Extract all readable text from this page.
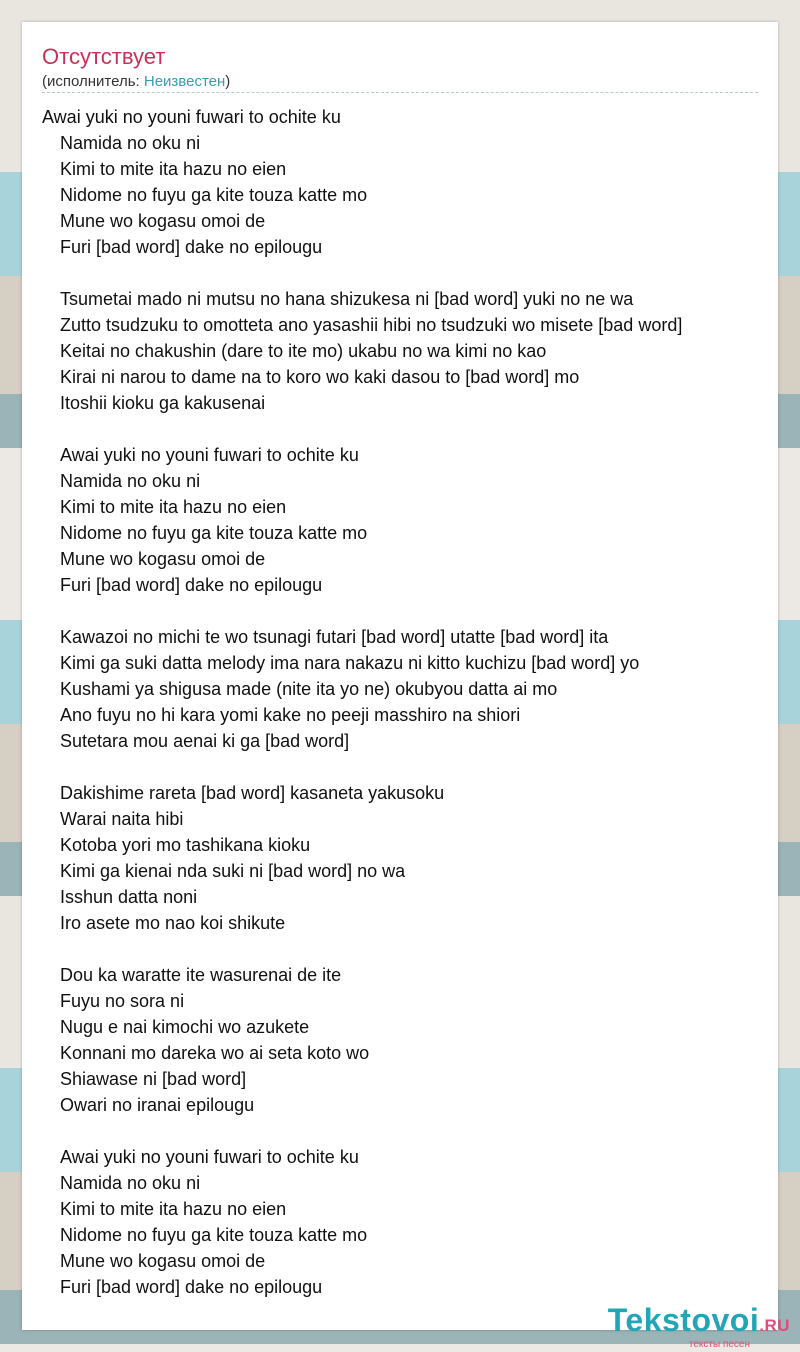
Отсутствует
(исполнитель: Неизвестен)
Awai yuki no youni fuwari to ochite ku
Namida no oku ni
Kimi to mite ita hazu no eien
Nidome no fuyu ga kite touza katte mo
Mune wo kogasu omoi de
Furi [bad word] dake no epilougu
Tsumetai mado ni mutsu no hana shizukesa ni [bad word] yuki no ne wa
Zutto tsudzuku to omotteta ano yasashii hibi no tsudzuki wo misete [bad word]
Keitai no chakushin (dare to ite mo) ukabu no wa kimi no kao
Kirai ni narou to dame na to koro wo kaki dasou to [bad word] mo
Itoshii kioku ga kakusenai
Awai yuki no youni fuwari to ochite ku
Namida no oku ni
Kimi to mite ita hazu no eien
Nidome no fuyu ga kite touza katte mo
Mune wo kogasu omoi de
Furi [bad word] dake no epilougu
Kawazoi no michi te wo tsunagi futari [bad word] utatte [bad word] ita
Kimi ga suki datta melody ima nara nakazu ni kitto kuchizu [bad word] yo
Kushami ya shigusa made (nite ita yo ne) okubyou datta ai mo
Ano fuyu no hi kara yomi kake no peeji masshiro na shiori
Sutetara mou aenai ki ga [bad word]
Dakishime rareta [bad word] kasaneta yakusoku
Warai naita hibi
Kotoba yori mo tashikana kioku
Kimi ga kienai nda suki ni [bad word] no wa
Isshun datta noni
Iro asete mo nao koi shikute
Dou ka waratte ite wasurenai de ite
Fuyu no sora ni
Nugu e nai kimochi wo azukete
Konnani mo dareka wo ai seta koto wo
Shiawase ni [bad word]
Owari no iranai epilougu
Awai yuki no youni fuwari to ochite ku
Namida no oku ni
Kimi to mite ita hazu no eien
Nidome no fuyu ga kite touza katte mo
Mune wo kogasu omoi de
Furi [bad word] dake no epilougu
Tekstovoi.RU
тексты песен
